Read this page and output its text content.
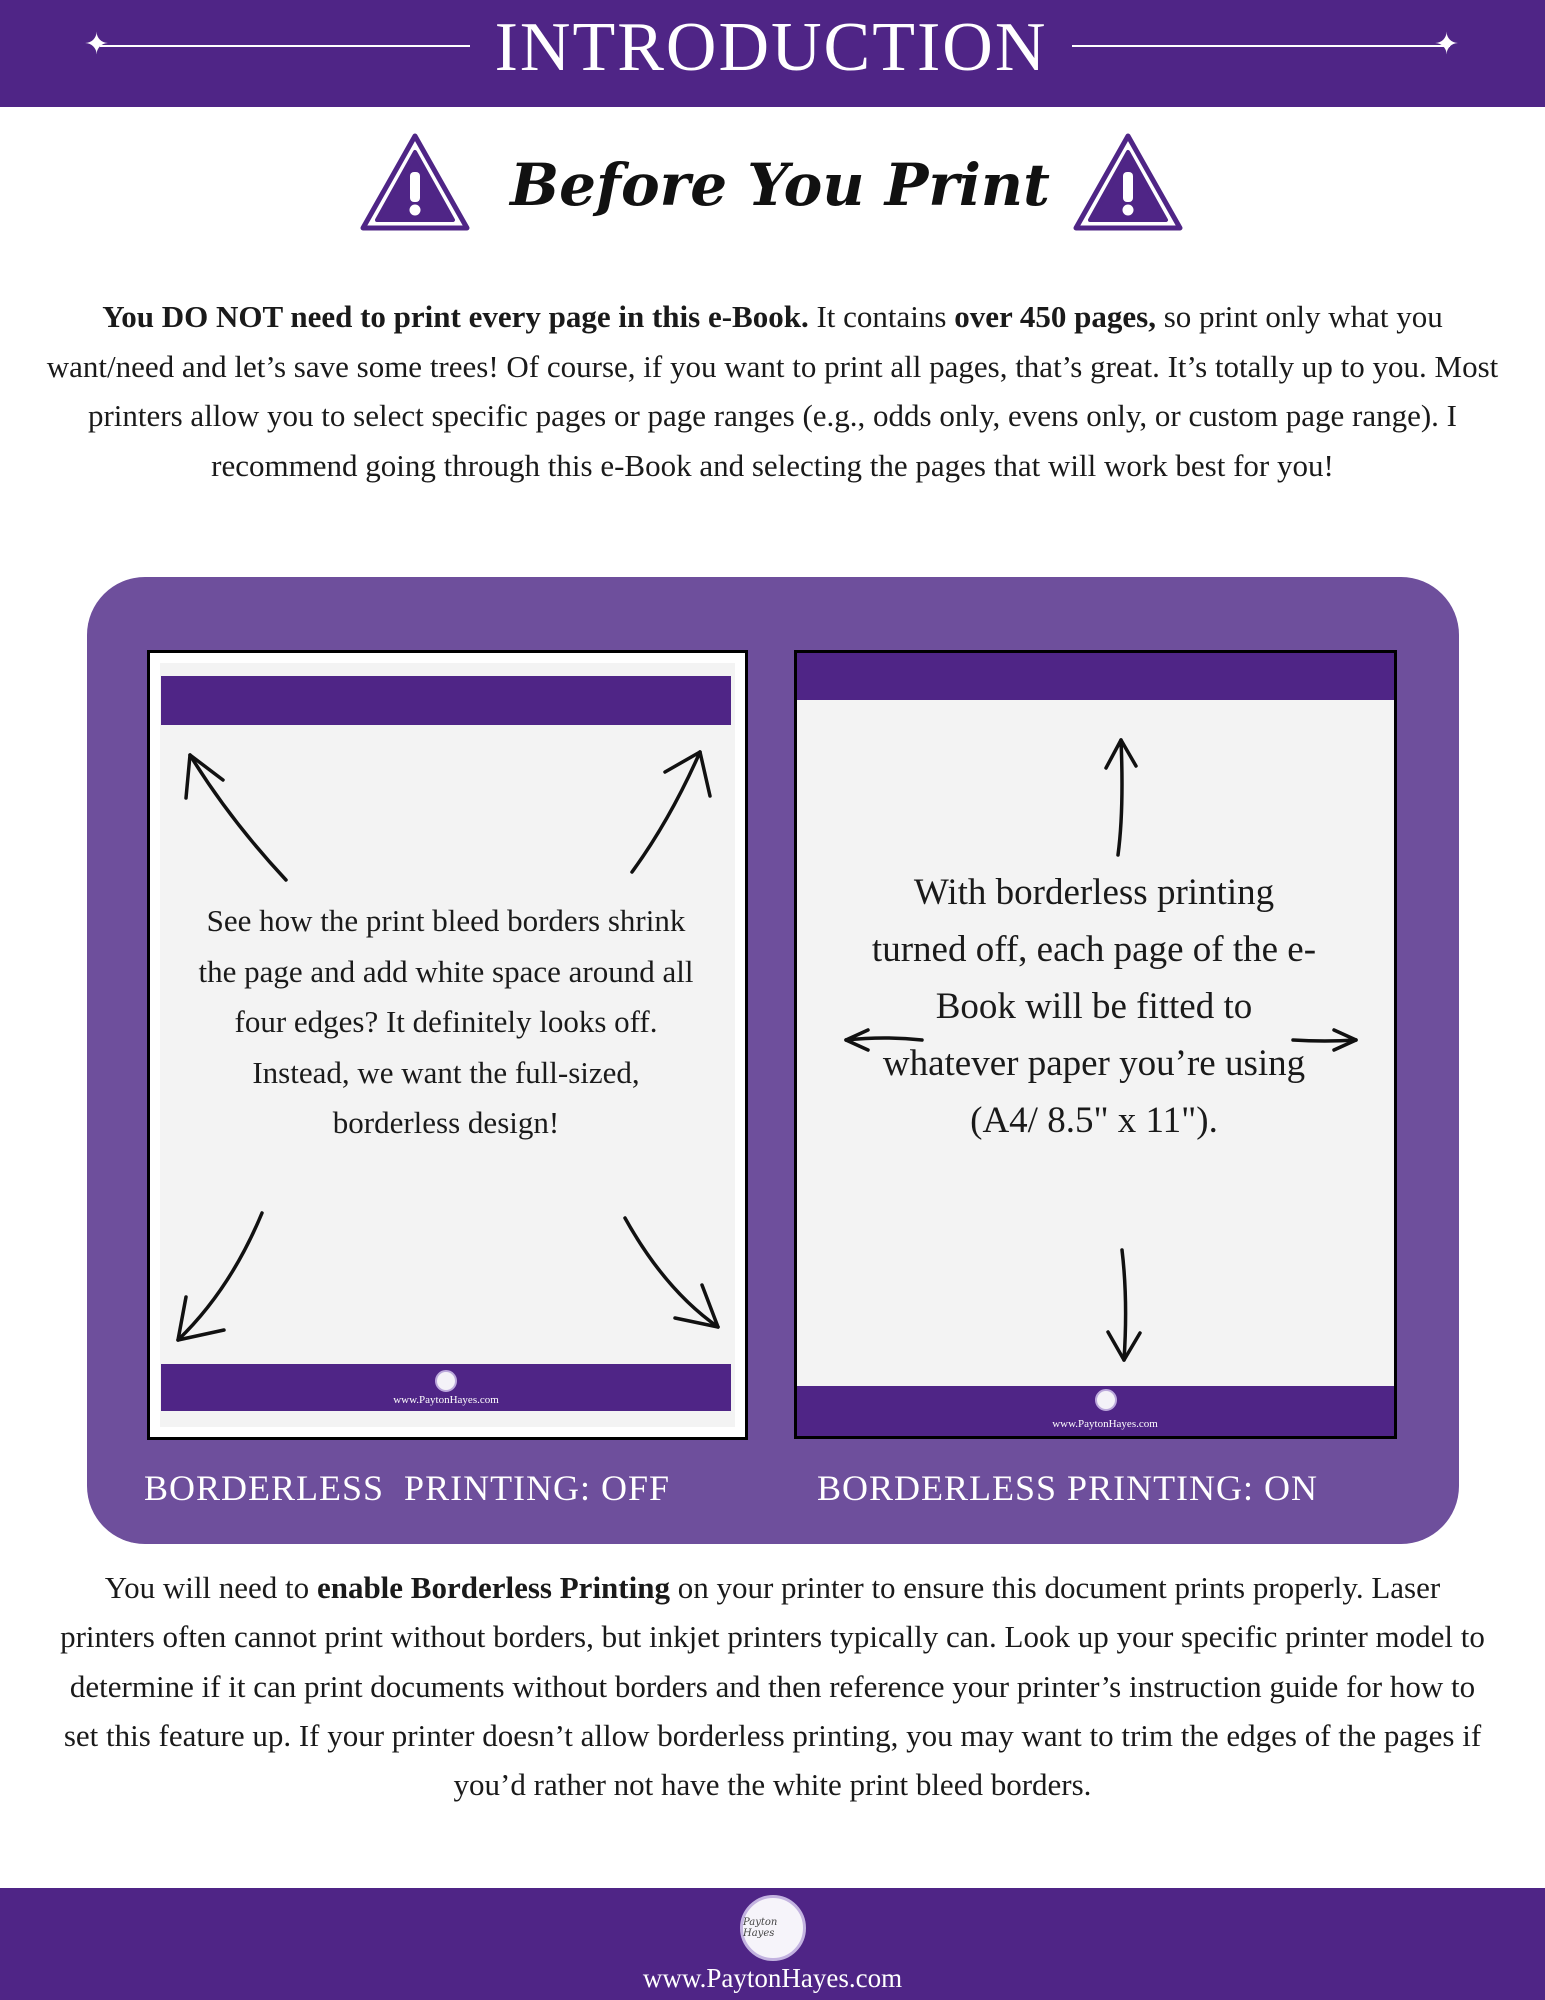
✦	✦
INTRODUCTION
Before You Print
You DO NOT need to print every page in this e-Book. It contains over 450 pages, so print only what you want/need and let’s save some trees! Of course, if you want to print all pages, that’s great. It’s totally up to you. Most printers allow you to select specific pages or page ranges (e.g., odds only, evens only, or custom page range). I recommend going through this e-Book and selecting the pages that will work best for you!
www.PaytonHayes.com
See how the print bleed borders shrink the page and add white space around all four edges? It definitely looks off. Instead, we want the full-sized, borderless design!
www.PaytonHayes.com
With borderless printing turned off, each page of the e-Book will be fitted to whatever paper you’re using (A4/ 8.5" x 11").
BORDERLESS  PRINTING: OFF	BORDERLESS PRINTING: ON
You will need to enable Borderless Printing on your printer to ensure this document prints properly. Laser printers often cannot print without borders, but inkjet printers typically can. Look up your specific printer model to determine if it can print documents without borders and then reference your printer’s instruction guide for how to set this feature up. If your printer doesn’t allow borderless printing, you may want to trim the edges of the pages if you’d rather not have the white print bleed borders.
Payton Hayes
www.PaytonHayes.com
